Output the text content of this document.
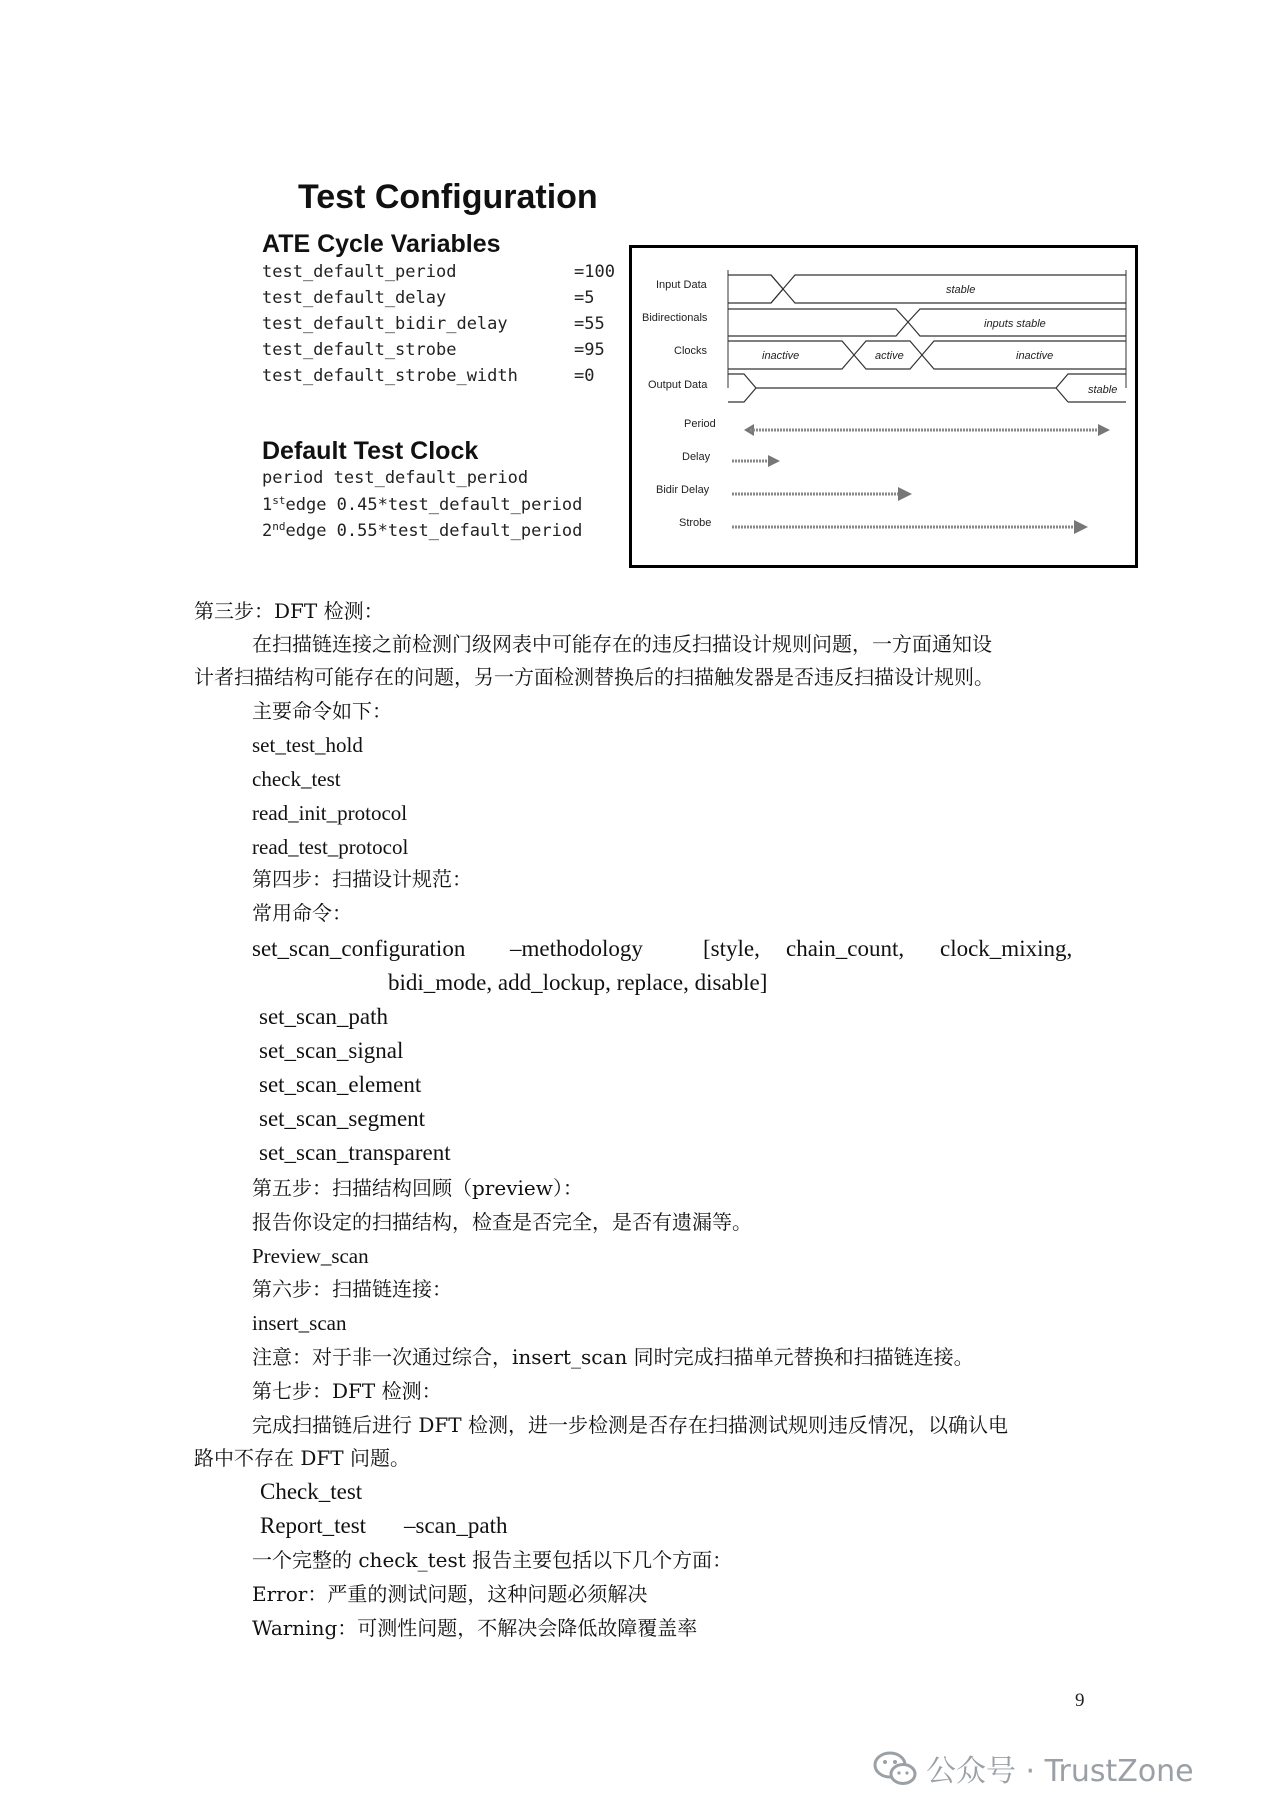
Test Configuration
ATE Cycle Variables
test_default_period	=100
test_default_delay	=5
test_default_bidir_delay	=55
test_default_strobe	=95
test_default_strobe_width	=0
Default Test Clock
period test_default_period
1stedge 0.45*test_default_period
2ndedge 0.55*test_default_period
Input Data
Bidirectionals
Clocks
Output Data
stable
inputs stable
inactive	active	inactive
stable
Period
Delay
Bidir Delay
Strobe
第三步：DFT 检测：
在扫描链连接之前检测门级网表中可能存在的违反扫描设计规则问题，一方面通知设
计者扫描结构可能存在的问题，另一方面检测替换后的扫描触发器是否违反扫描设计规则。
主要命令如下：
set_test_hold
check_test
read_init_protocol
read_test_protocol
第四步：扫描设计规范：
常用命令：
set_scan_configuration –methodology	[style, chain_count, clock_mixing,
bidi_mode, add_lockup, replace, disable]
set_scan_path
set_scan_signal
set_scan_element
set_scan_segment
set_scan_transparent
第五步：扫描结构回顾（preview）：
报告你设定的扫描结构，检查是否完全，是否有遗漏等。
Preview_scan
第六步：扫描链连接：
insert_scan
注意：对于非一次通过综合，insert_scan 同时完成扫描单元替换和扫描链连接。
第七步：DFT 检测：
完成扫描链后进行 DFT 检测，进一步检测是否存在扫描测试规则违反情况，以确认电
路中不存在 DFT 问题。
Check_test
Report_test –scan_path
一个完整的 check_test 报告主要包括以下几个方面：
Error：严重的测试问题，这种问题必须解决
Warning：可测性问题，不解决会降低故障覆盖率
9
公众号 · TrustZone
